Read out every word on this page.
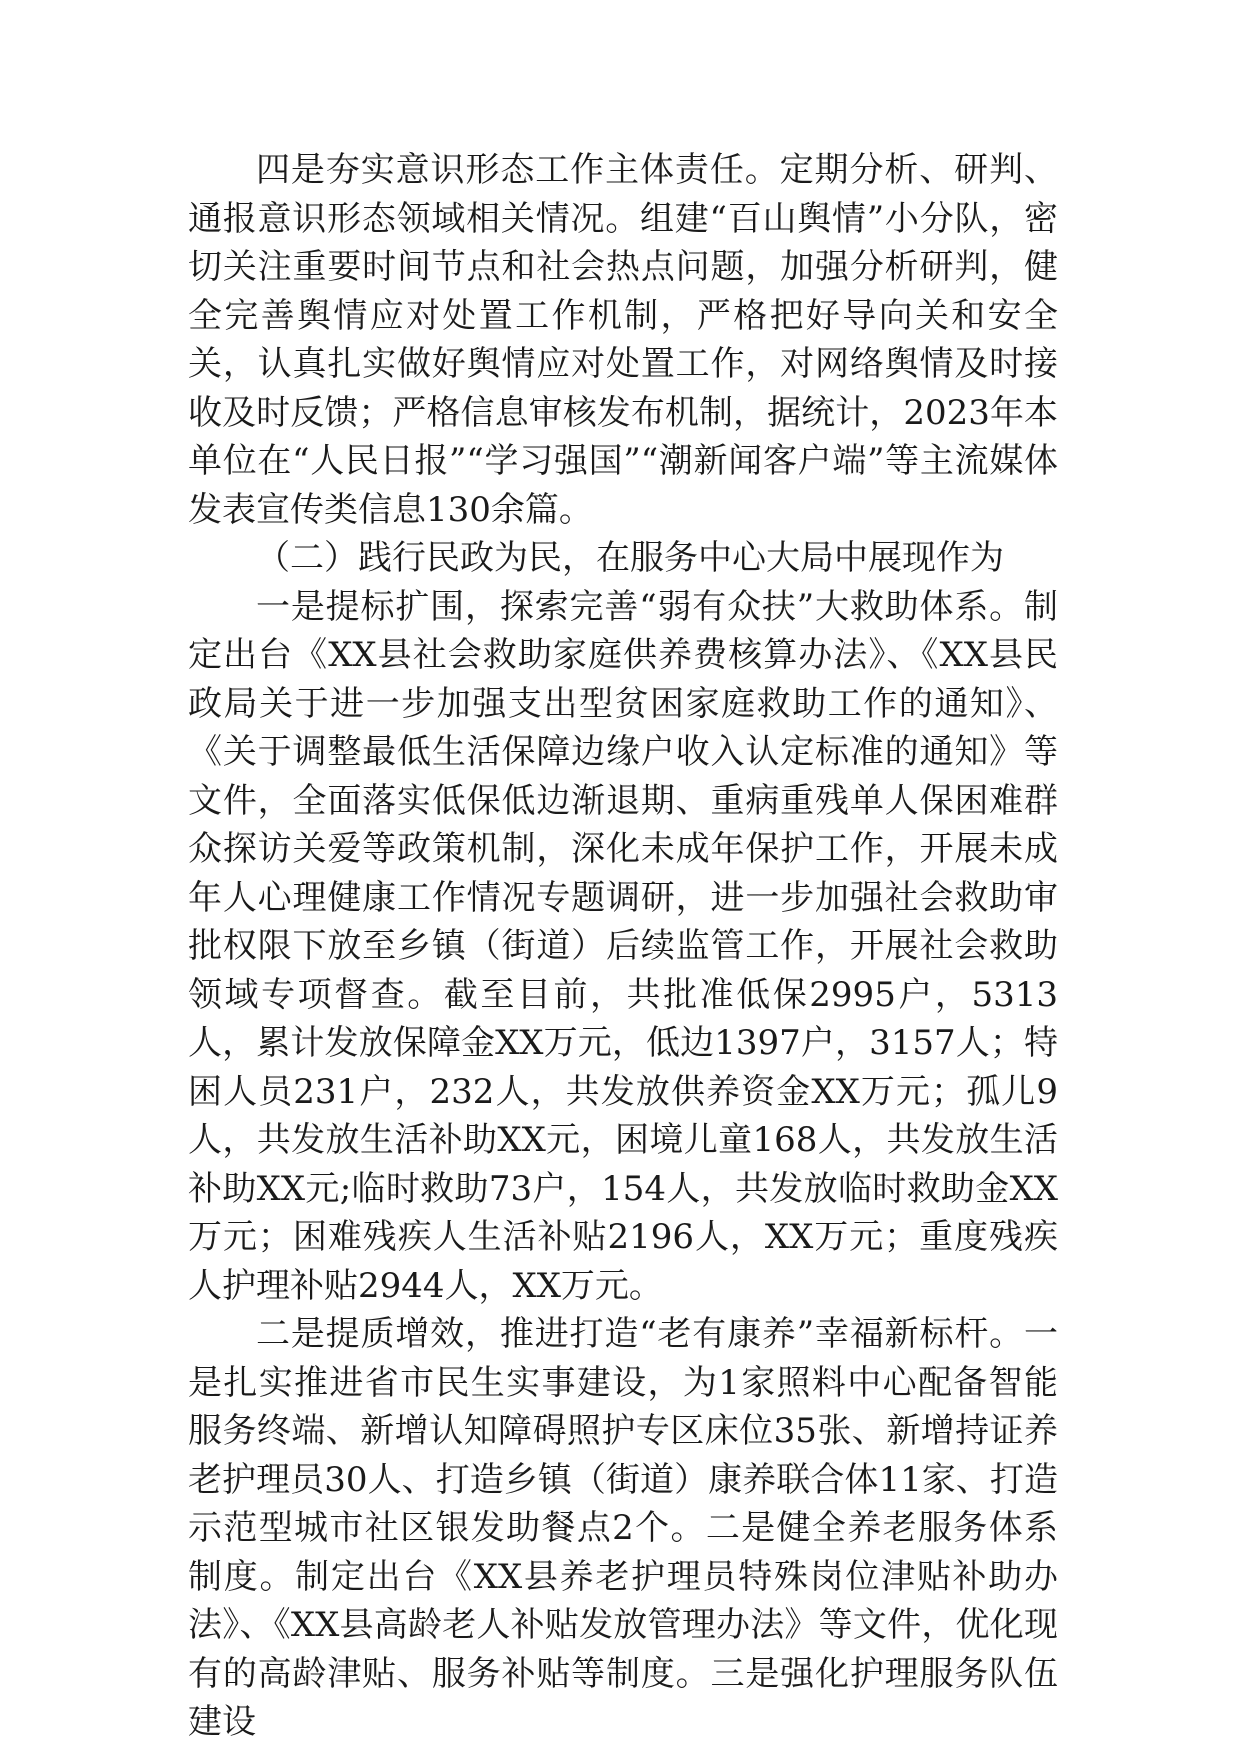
四是夯实意识形态工作主体责任。定期分析、研判、通报意识形态领域相关情况。组建“百山舆情”小分队，密切关注重要时间节点和社会热点问题，加强分析研判，健全完善舆情应对处置工作机制，严格把好导向关和安全关，认真扎实做好舆情应对处置工作，对网络舆情及时接收及时反馈；严格信息审核发布机制，据统计，2023年本单位在“人民日报”“学习强国”“潮新闻客户端”等主流媒体发表宣传类信息130余篇。

（二）践行民政为民，在服务中心大局中展现作为

一是提标扩围，探索完善“弱有众扶”大救助体系。制定出台《XX县社会救助家庭供养费核算办法》、《XX县民政局关于进一步加强支出型贫困家庭救助工作的通知》、《关于调整最低生活保障边缘户收入认定标准的通知》等文件，全面落实低保低边渐退期、重病重残单人保困难群众探访关爱等政策机制，深化未成年保护工作，开展未成年人心理健康工作情况专题调研，进一步加强社会救助审批权限下放至乡镇（街道）后续监管工作，开展社会救助领域专项督查。截至目前，共批准低保2995户，5313人，累计发放保障金XX万元，低边1397户，3157人；特困人员231户，232人，共发放供养资金XX万元；孤儿9人，共发放生活补助XX元，困境儿童168人，共发放生活补助XX元;临时救助73户，154人，共发放临时救助金XX万元；困难残疾人生活补贴2196人，XX万元；重度残疾人护理补贴2944人，XX万元。

二是提质增效，推进打造“老有康养”幸福新标杆。一是扎实推进省市民生实事建设，为1家照料中心配备智能服务终端、新增认知障碍照护专区床位35张、新增持证养老护理员30人、打造乡镇（街道）康养联合体11家、打造示范型城市社区银发助餐点2个。二是健全养老服务体系制度。制定出台《XX县养老护理员特殊岗位津贴补助办法》、《XX县高龄老人补贴发放管理办法》等文件，优化现有的高龄津贴、服务补贴等制度。三是强化护理服务队伍建设
